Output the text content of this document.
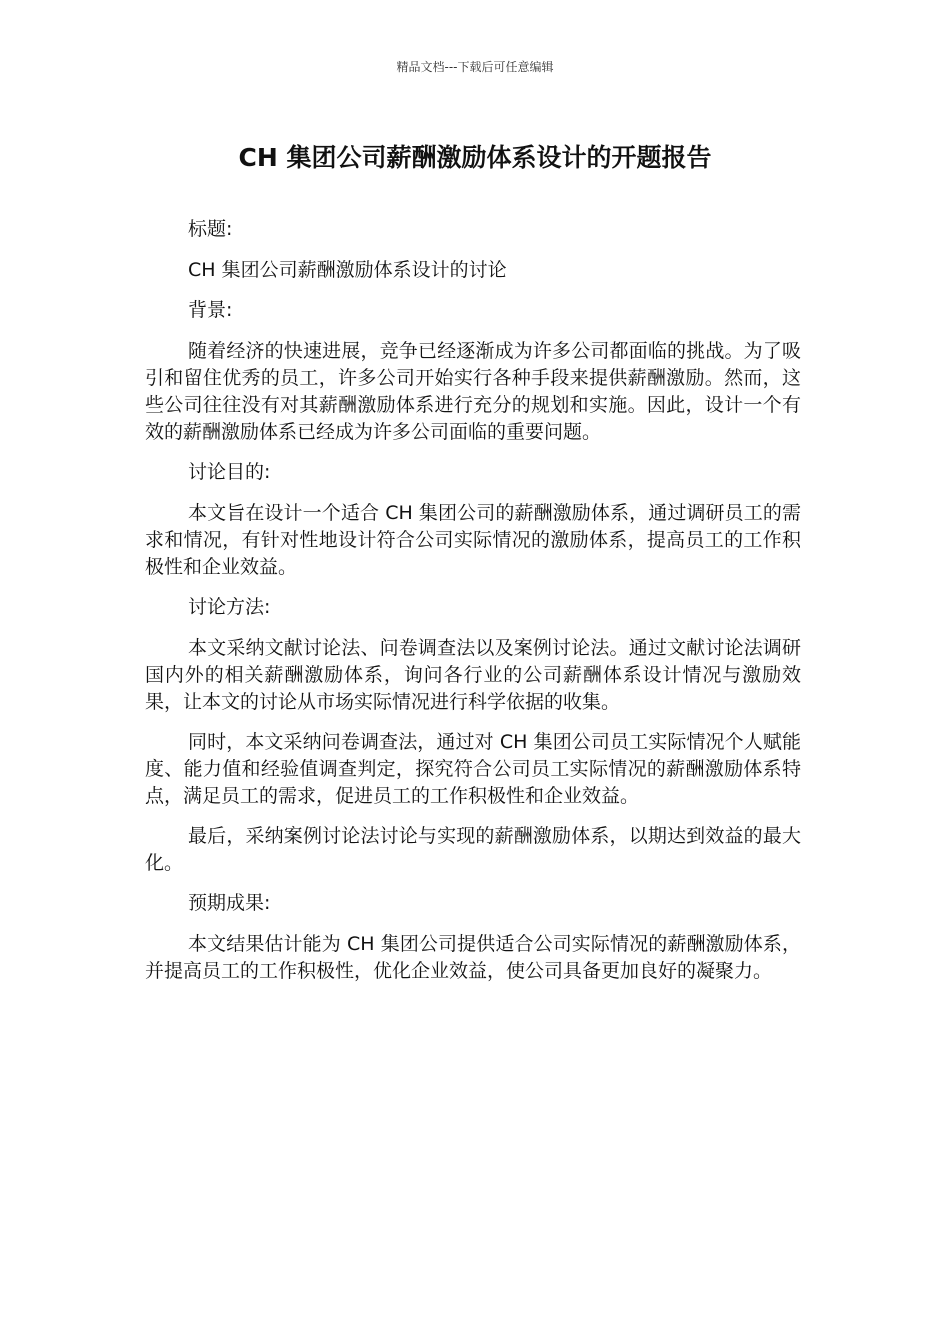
精品文档---下载后可任意编辑
CH 集团公司薪酬激励体系设计的开题报告

标题:

CH 集团公司薪酬激励体系设计的讨论

背景:

随着经济的快速进展，竞争已经逐渐成为许多公司都面临的挑战。为了吸引和留住优秀的员工，许多公司开始实行各种手段来提供薪酬激励。然而，这些公司往往没有对其薪酬激励体系进行充分的规划和实施。因此，设计一个有效的薪酬激励体系已经成为许多公司面临的重要问题。

讨论目的:

本文旨在设计一个适合 CH 集团公司的薪酬激励体系，通过调研员工的需求和情况，有针对性地设计符合公司实际情况的激励体系，提高员工的工作积极性和企业效益。

讨论方法:

本文采纳文献讨论法、问卷调查法以及案例讨论法。通过文献讨论法调研国内外的相关薪酬激励体系，询问各行业的公司薪酬体系设计情况与激励效果，让本文的讨论从市场实际情况进行科学依据的收集。

同时，本文采纳问卷调查法，通过对 CH 集团公司员工实际情况个人赋能度、能力值和经验值调查判定，探究符合公司员工实际情况的薪酬激励体系特点，满足员工的需求，促进员工的工作积极性和企业效益。

最后，采纳案例讨论法讨论与实现的薪酬激励体系，以期达到效益的最大化。

预期成果:

本文结果估计能为 CH 集团公司提供适合公司实际情况的薪酬激励体系，并提高员工的工作积极性，优化企业效益，使公司具备更加良好的凝聚力。
